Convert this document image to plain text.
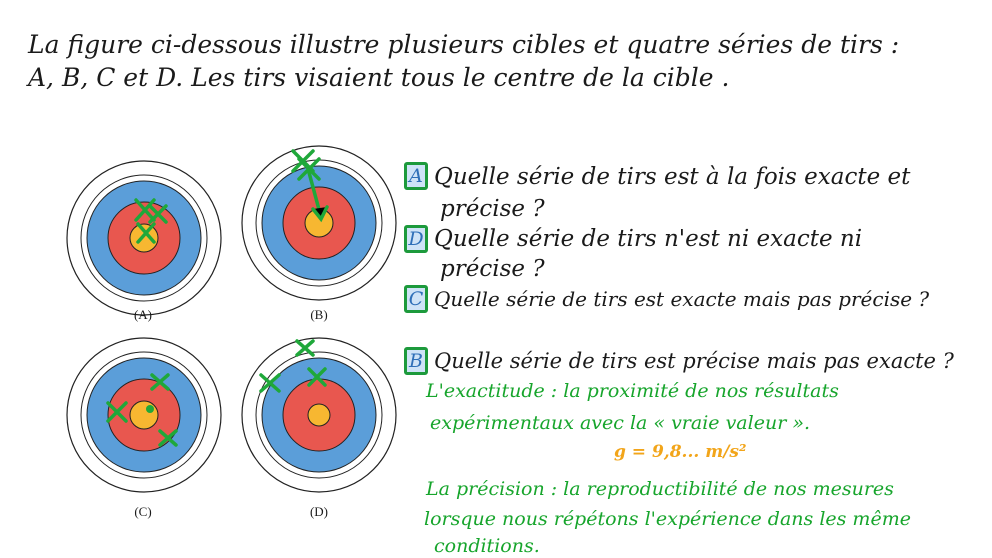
La figure ci-dessous illustre plusieurs cibles et quatre séries de tirs :
A, B, C et D. Les tirs visaient tous le centre de la cible .
(A)	(B)
(C)	(D)
A Quelle série de tirs est à la fois exacte et
précise ?
D Quelle série de tirs n'est ni exacte ni
précise ?
C Quelle série de tirs est exacte mais pas précise ?
B Quelle série de tirs est précise mais pas exacte ?
L'exactitude : la proximité de nos résultats
expérimentaux avec la « vraie valeur ».
g = 9,8... m/s²
La précision : la reproductibilité de nos mesures
lorsque nous répétons l'expérience dans les même
conditions.
